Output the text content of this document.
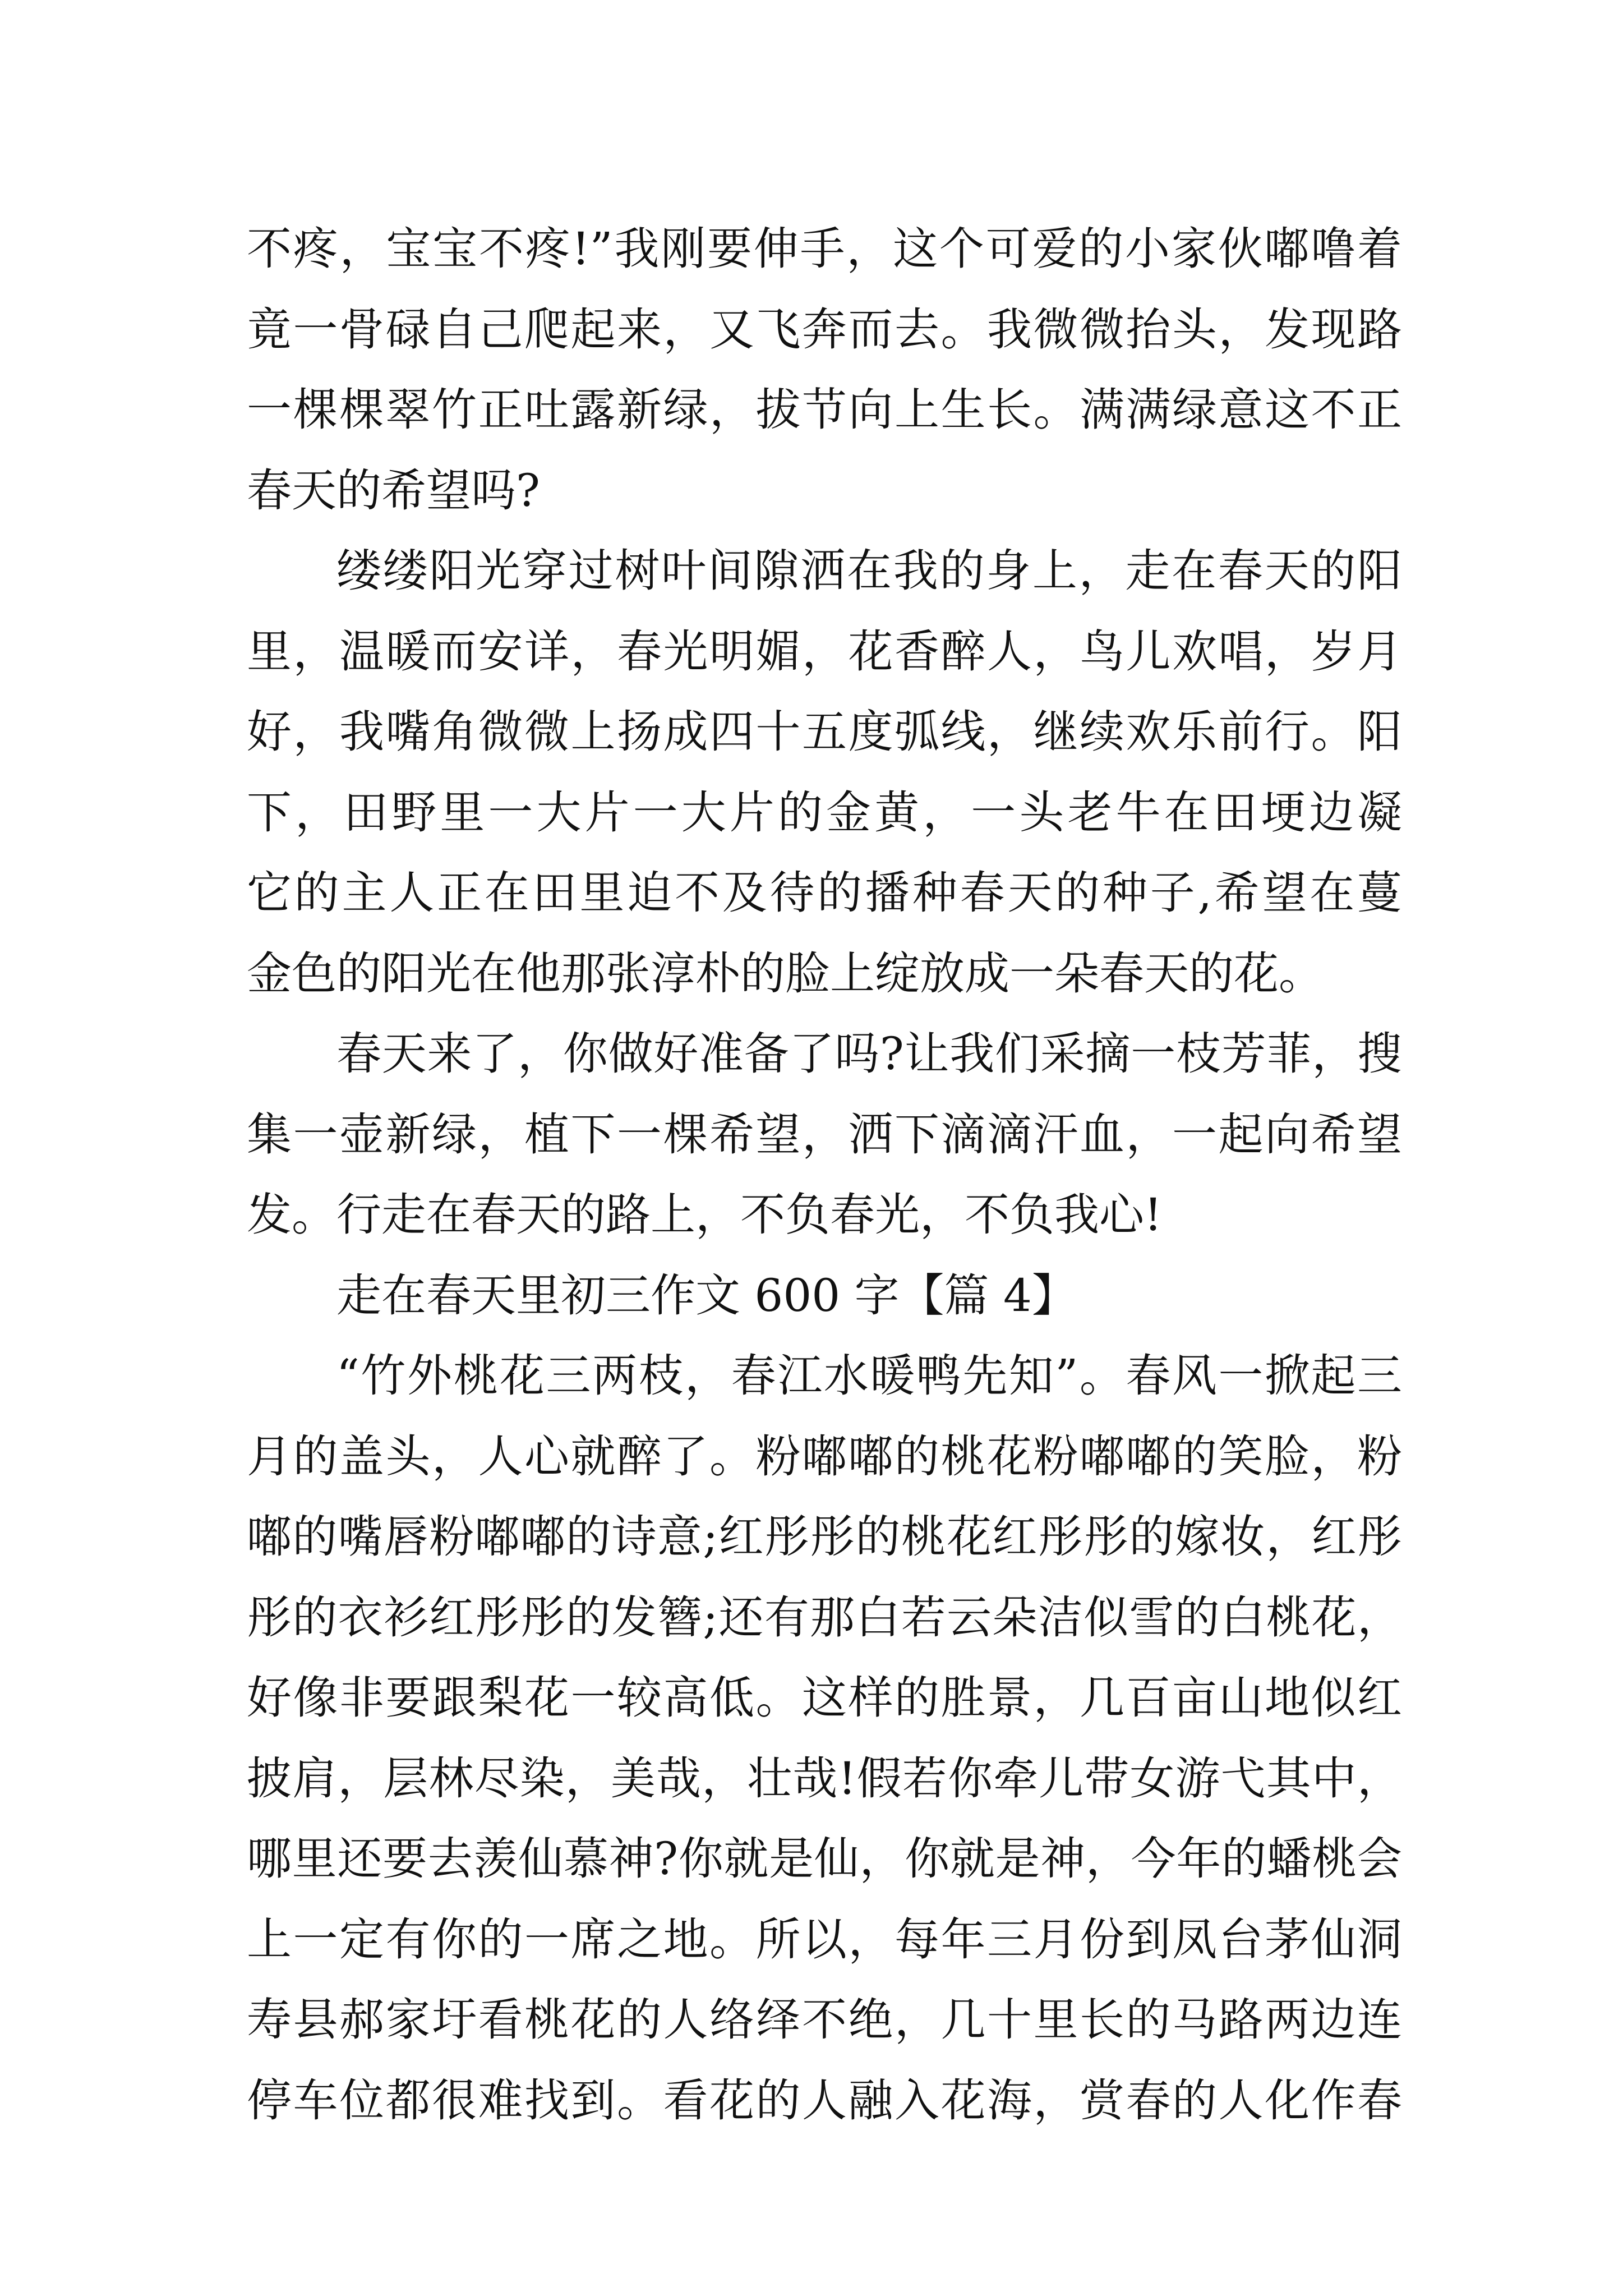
不疼，宝宝不疼!”我刚要伸手，这个可爱的小家伙嘟噜着
竟一骨碌自己爬起来，又飞奔而去。我微微抬头，发现路
一棵棵翠竹正吐露新绿，拔节向上生长。满满绿意这不正
春天的希望吗?
缕缕阳光穿过树叶间隙洒在我的身上，走在春天的阳
里，温暖而安详，春光明媚，花香醉人，鸟儿欢唱，岁月
好，我嘴角微微上扬成四十五度弧线，继续欢乐前行。阳
下，田野里一大片一大片的金黄，一头老牛在田埂边凝
它的主人正在田里迫不及待的播种春天的种子,希望在蔓
金色的阳光在他那张淳朴的脸上绽放成一朵春天的花。
春天来了，你做好准备了吗?让我们采摘一枝芳菲，搜
集一壶新绿，植下一棵希望，洒下滴滴汗血，一起向希望
发。行走在春天的路上，不负春光，不负我心!
走在春天里初三作文 600 字【篇 4】
“竹外桃花三两枝，春江水暖鸭先知”。春风一掀起三
月的盖头，人心就醉了。粉嘟嘟的桃花粉嘟嘟的笑脸，粉
嘟的嘴唇粉嘟嘟的诗意;红彤彤的桃花红彤彤的嫁妆，红彤
彤的衣衫红彤彤的发簪;还有那白若云朵洁似雪的白桃花，
好像非要跟梨花一较高低。这样的胜景，几百亩山地似红
披肩，层林尽染，美哉，壮哉!假若你牵儿带女游弋其中，
哪里还要去羡仙慕神?你就是仙，你就是神，今年的蟠桃会
上一定有你的一席之地。所以，每年三月份到凤台茅仙洞
寿县郝家圩看桃花的人络绎不绝，几十里长的马路两边连
停车位都很难找到。看花的人融入花海，赏春的人化作春
